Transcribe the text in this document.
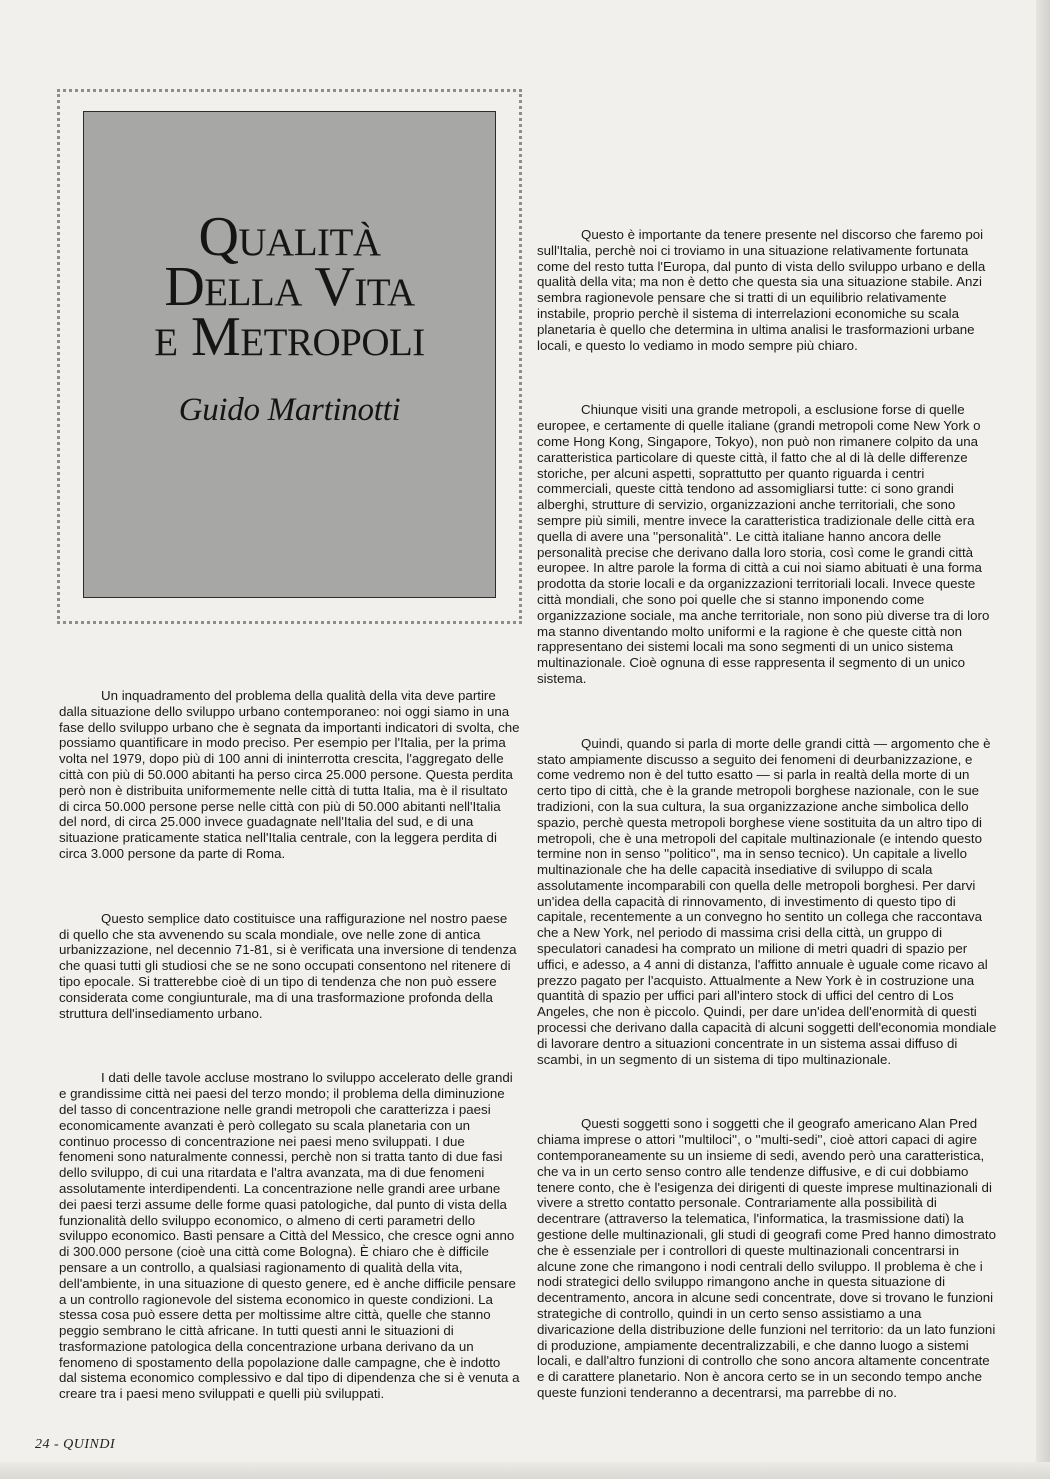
Qualità
Della Vita
e Metropoli
Guido Martinotti

Un inquadramento del problema della qualità della vita deve partire dalla situazione dello sviluppo urbano contemporaneo: noi oggi siamo in una fase dello sviluppo urbano che è segnata da importanti indicatori di svolta, che possiamo quantificare in modo preciso. Per esempio per l'Italia, per la prima volta nel 1979, dopo più di 100 anni di ininterrotta crescita, l'aggregato delle città con più di 50.000 abitanti ha perso circa 25.000 persone. Questa perdita però non è distribuita uniformemente nelle città di tutta Italia, ma è il risultato di circa 50.000 persone perse nelle città con più di 50.000 abitanti nell'Italia del nord, di circa 25.000 invece guadagnate nell'Italia del sud, e di una situazione praticamente statica nell'Italia centrale, con la leggera perdita di circa 3.000 persone da parte di Roma.

Questo semplice dato costituisce una raffigurazione nel nostro paese di quello che sta avvenendo su scala mondiale, ove nelle zone di antica urbanizzazione, nel decennio 71-81, si è verificata una inversione di tendenza che quasi tutti gli studiosi che se ne sono occupati consentono nel ritenere di tipo epocale. Si tratterebbe cioè di un tipo di tendenza che non può essere considerata come congiunturale, ma di una trasformazione profonda della struttura dell'insediamento urbano.

I dati delle tavole accluse mostrano lo sviluppo accelerato delle grandi e grandissime città nei paesi del terzo mondo; il problema della diminuzione del tasso di concentrazione nelle grandi metropoli che caratterizza i paesi economicamente avanzati è però collegato su scala planetaria con un continuo processo di concentrazione nei paesi meno sviluppati. I due fenomeni sono naturalmente connessi, perchè non si tratta tanto di due fasi dello sviluppo, di cui una ritardata e l'altra avanzata, ma di due fenomeni assolutamente interdipendenti. La concentrazione nelle grandi aree urbane dei paesi terzi assume delle forme quasi patologiche, dal punto di vista della funzionalità dello sviluppo economico, o almeno di certi parametri dello sviluppo economico. Basti pensare a Città del Messico, che cresce ogni anno di 300.000 persone (cioè una città come Bologna). È chiaro che è difficile pensare a un controllo, a qualsiasi ragionamento di qualità della vita, dell'ambiente, in una situazione di questo genere, ed è anche difficile pensare a un controllo ragionevole del sistema economico in queste condizioni. La stessa cosa può essere detta per moltissime altre città, quelle che stanno peggio sembrano le città africane. In tutti questi anni le situazioni di trasformazione patologica della concentrazione urbana derivano da un fenomeno di spostamento della popolazione dalle campagne, che è indotto dal sistema economico complessivo e dal tipo di dipendenza che si è venuta a creare tra i paesi meno sviluppati e quelli più sviluppati.

Questo è importante da tenere presente nel discorso che faremo poi sull'Italia, perchè noi ci troviamo in una situazione relativamente fortunata come del resto tutta l'Europa, dal punto di vista dello sviluppo urbano e della qualità della vita; ma non è detto che questa sia una situazione stabile. Anzi sembra ragionevole pensare che si tratti di un equilibrio relativamente instabile, proprio perchè il sistema di interrelazioni economiche su scala planetaria è quello che determina in ultima analisi le trasformazioni urbane locali, e questo lo vediamo in modo sempre più chiaro.

Chiunque visiti una grande metropoli, a esclusione forse di quelle europee, e certamente di quelle italiane (grandi metropoli come New York o come Hong Kong, Singapore, Tokyo), non può non rimanere colpito da una caratteristica particolare di queste città, il fatto che al di là delle differenze storiche, per alcuni aspetti, soprattutto per quanto riguarda i centri commerciali, queste città tendono ad assomigliarsi tutte: ci sono grandi alberghi, strutture di servizio, organizzazioni anche territoriali, che sono sempre più simili, mentre invece la caratteristica tradizionale delle città era quella di avere una ''personalità''. Le città italiane hanno ancora delle personalità precise che derivano dalla loro storia, così come le grandi città europee. In altre parole la forma di città a cui noi siamo abituati è una forma prodotta da storie locali e da organizzazioni territoriali locali. Invece queste città mondiali, che sono poi quelle che si stanno imponendo come organizzazione sociale, ma anche territoriale, non sono più diverse tra di loro ma stanno diventando molto uniformi e la ragione è che queste città non rappresentano dei sistemi locali ma sono segmenti di un unico sistema multinazionale. Cioè ognuna di esse rappresenta il segmento di un unico sistema.

Quindi, quando si parla di morte delle grandi città — argomento che è stato ampiamente discusso a seguito dei fenomeni di deurbanizzazione, e come vedremo non è del tutto esatto — si parla in realtà della morte di un certo tipo di città, che è la grande metropoli borghese nazionale, con le sue tradizioni, con la sua cultura, la sua organizzazione anche simbolica dello spazio, perchè questa metropoli borghese viene sostituita da un altro tipo di metropoli, che è una metropoli del capitale multinazionale (e intendo questo termine non in senso ''politico'', ma in senso tecnico). Un capitale a livello multinazionale che ha delle capacità insediative di sviluppo di scala assolutamente incomparabili con quella delle metropoli borghesi. Per darvi un'idea della capacità di rinnovamento, di investimento di questo tipo di capitale, recentemente a un convegno ho sentito un collega che raccontava che a New York, nel periodo di massima crisi della città, un gruppo di speculatori canadesi ha comprato un milione di metri quadri di spazio per uffici, e adesso, a 4 anni di distanza, l'affitto annuale è uguale come ricavo al prezzo pagato per l'acquisto. Attualmente a New York è in costruzione una quantità di spazio per uffici pari all'intero stock di uffici del centro di Los Angeles, che non è piccolo. Quindi, per dare un'idea dell'enormità di questi processi che derivano dalla capacità di alcuni soggetti dell'economia mondiale di lavorare dentro a situazioni concentrate in un sistema assai diffuso di scambi, in un segmento di un sistema di tipo multinazionale.

Questi soggetti sono i soggetti che il geografo americano Alan Pred chiama imprese o attori ''multiloci'', o ''multi-sedi'', cioè attori capaci di agire contemporaneamente su un insieme di sedi, avendo però una caratteristica, che va in un certo senso contro alle tendenze diffusive, e di cui dobbiamo tenere conto, che è l'esigenza dei dirigenti di queste imprese multinazionali di vivere a stretto contatto personale. Contrariamente alla possibilità di decentrare (attraverso la telematica, l'informatica, la trasmissione dati) la gestione delle multinazionali, gli studi di geografi come Pred hanno dimostrato che è essenziale per i controllori di queste multinazionali concentrarsi in alcune zone che rimangono i nodi centrali dello sviluppo. Il problema è che i nodi strategici dello sviluppo rimangono anche in questa situazione di decentramento, ancora in alcune sedi concentrate, dove si trovano le funzioni strategiche di controllo, quindi in un certo senso assistiamo a una divaricazione della distribuzione delle funzioni nel territorio: da un lato funzioni di produzione, ampiamente decentralizzabili, e che danno luogo a sistemi locali, e dall'altro funzioni di controllo che sono ancora altamente concentrate e di carattere planetario. Non è ancora certo se in un secondo tempo anche queste funzioni tenderanno a decentrarsi, ma parrebbe di no.

24 - QUINDI
